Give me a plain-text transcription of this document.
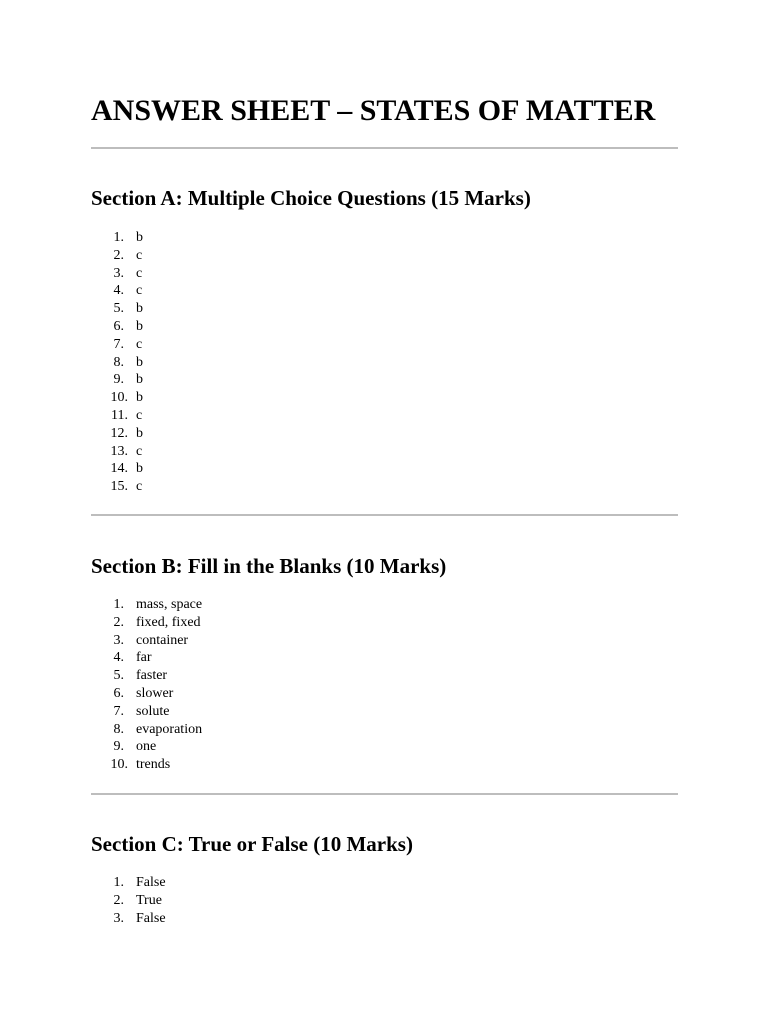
ANSWER SHEET – STATES OF MATTER
Section A: Multiple Choice Questions (15 Marks)
1. b
2. c
3. c
4. c
5. b
6. b
7. c
8. b
9. b
10. b
11. c
12. b
13. c
14. b
15. c
Section B: Fill in the Blanks (10 Marks)
1. mass, space
2. fixed, fixed
3. container
4. far
5. faster
6. slower
7. solute
8. evaporation
9. one
10. trends
Section C: True or False (10 Marks)
1. False
2. True
3. False
